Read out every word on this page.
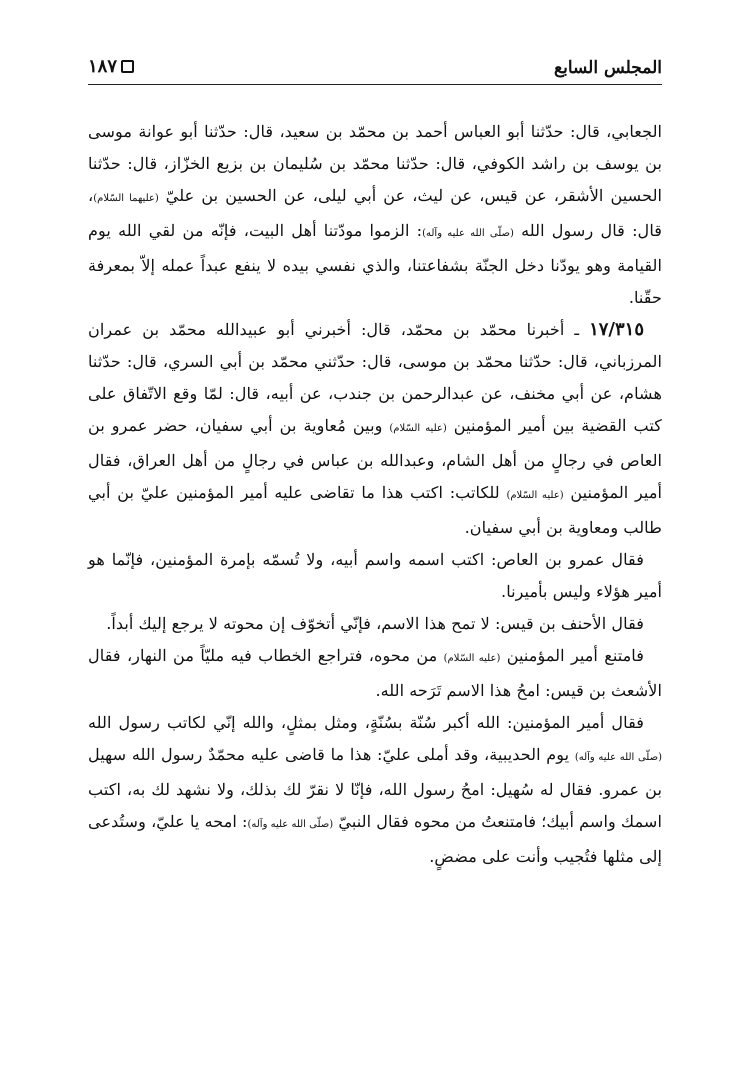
المجلس السابع
١٨٧

الجعابي، قال: حدّثنا أبو العباس أحمد بن محمّد بن سعيد، قال: حدّثنا أبو عوانة موسى بن يوسف بن راشد الكوفي، قال: حدّثنا محمّد بن سُليمان بن بزيع الخزّاز، قال: حدّثنا الحسين الأشقر، عن قيس، عن ليث، عن أبي ليلى، عن الحسين بن عليّ (عليهما السّلام)، قال: قال رسول الله (صلّى الله عليه وآله): الزموا مودّتنا أهل البيت، فإنّه من لقي الله يوم القيامة وهو يودّنا دخل الجنّة بشفاعتنا، والذي نفسي بيده لا ينفع عبداً عمله إلاّ بمعرفة حقّنا.

١٧/٣١٥ ـ أخبرنا محمّد بن محمّد، قال: أخبرني أبو عبيدالله محمّد بن عمران المرزباني، قال: حدّثنا محمّد بن موسى، قال: حدّثني محمّد بن أبي السري، قال: حدّثنا هشام، عن أبي مخنف، عن عبدالرحمن بن جندب، عن أبيه، قال: لمّا وقع الاتّفاق على كتب القضية بين أمير المؤمنين (عليه السّلام) وبين مُعاوية بن أبي سفيان، حضر عمرو بن العاص في رجالٍ من أهل الشام، وعبدالله بن عباس في رجالٍ من أهل العراق، فقال أمير المؤمنين (عليه السّلام) للكاتب: اكتب هذا ما تقاضى عليه أمير المؤمنين عليّ بن أبي طالب ومعاوية بن أبي سفيان.

فقال عمرو بن العاص: اكتب اسمه واسم أبيه، ولا تُسمّه بإمرة المؤمنين، فإنّما هو أمير هؤلاء وليس بأميرنا.

فقال الأحنف بن قيس: لا تمح هذا الاسم، فإنّي أتخوّف إن محوته لا يرجع إليك أبداً.

فامتنع أمير المؤمنين (عليه السّلام) من محوه، فتراجع الخطاب فيه مليّاً من النهار، فقال الأشعث بن قيس: امحُ هذا الاسم تَرَحه الله.

فقال أمير المؤمنين: الله أكبر سُنّة بسُنّةٍ، ومثل بمثلٍ، والله إنّي لكاتب رسول الله (صلّى الله عليه وآله) يوم الحديبية، وقد أملى عليّ: هذا ما قاضى عليه محمّدٌ رسول الله سهيل بن عمرو. فقال له سُهيل: امحُ رسول الله، فإنّا لا نقرّ لك بذلك، ولا نشهد لك به، اكتب اسمك واسم أبيك؛ فامتنعتُ من محوه فقال النبيّ (صلّى الله عليه وآله): امحه يا عليّ، وستُدعى إلى مثلها فتُجيب وأنت على مضضٍ.
